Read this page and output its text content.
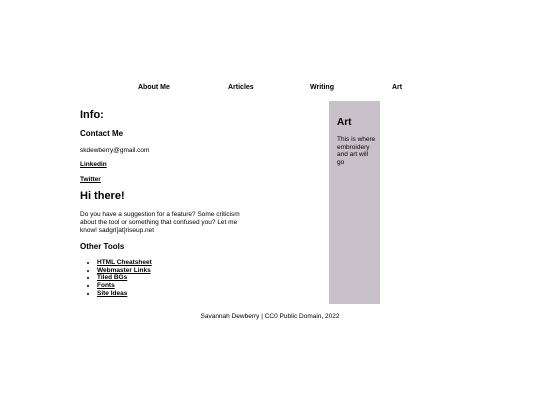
About Me	Articles	Writing	Art
Info:
Contact Me

skdewberry@gmail.com

Linkedin
Twitter
Hi there!

Do you have a suggestion for a feature? Some criticism about the tool or something that confused you? Let me know! sadgrl[at]riseup.net

Other Tools
• HTML Cheatsheet
• Webmaster Links
• Tiled BGs
• Fonts
• Site Ideas
Art

This is where embroidery and art will go

Savannah Dewberry | CC0 Public Domain, 2022
